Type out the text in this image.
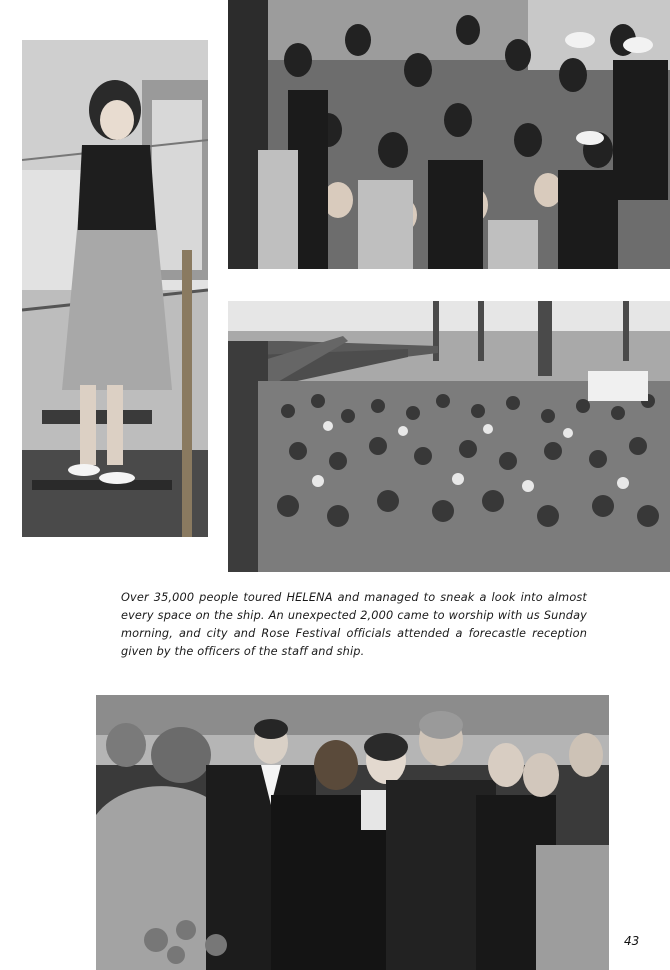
Over 35,000 people toured HELENA and managed to sneak a look into almost every space on the ship. An unexpected 2,000 came to worship with us Sunday morning, and city and Rose Festival officials attended a forecastle reception given by the officers of the staff and ship.

43
